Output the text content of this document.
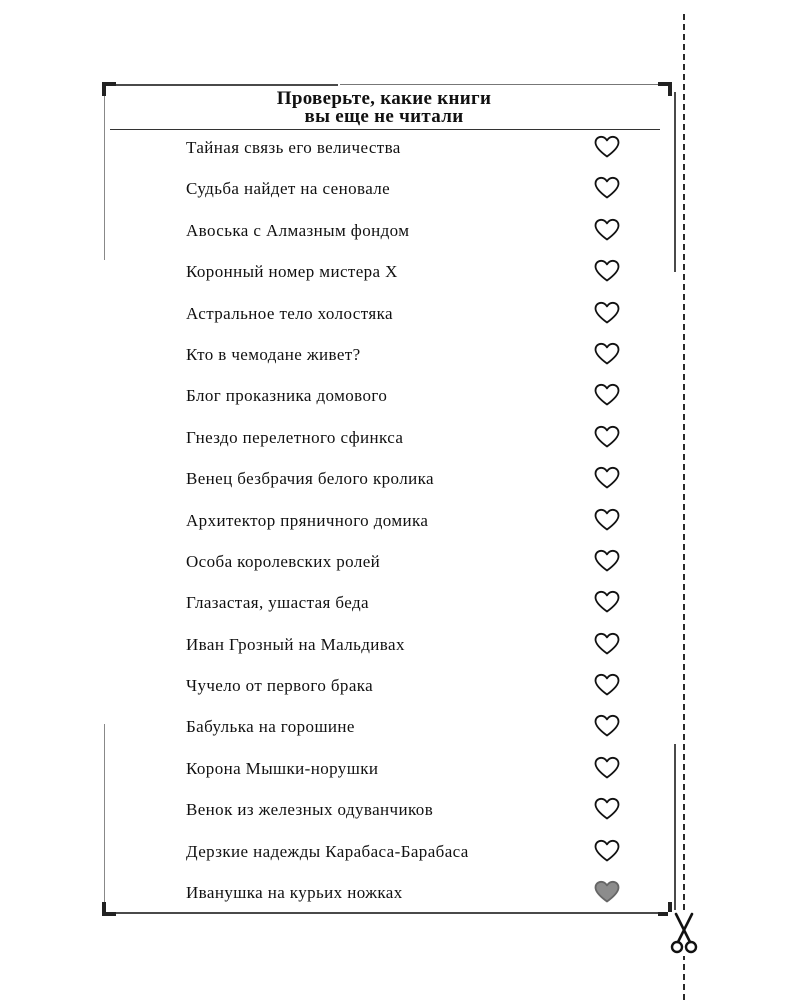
Проверьте, какие книги
вы еще не читали
Тайная связь его величества
Судьба найдет на сеновале
Авоська с Алмазным фондом
Коронный номер мистера Х
Астральное тело холостяка
Кто в чемодане живет?
Блог проказника домового
Гнездо перелетного сфинкса
Венец безбрачия белого кролика
Архитектор пряничного домика
Особа королевских ролей
Глазастая, ушастая беда
Иван Грозный на Мальдивах
Чучело от первого брака
Бабулька на горошине
Корона Мышки-норушки
Венок из железных одуванчиков
Дерзкие надежды Карабаса-Барабаса
Иванушка на курьих ножках
